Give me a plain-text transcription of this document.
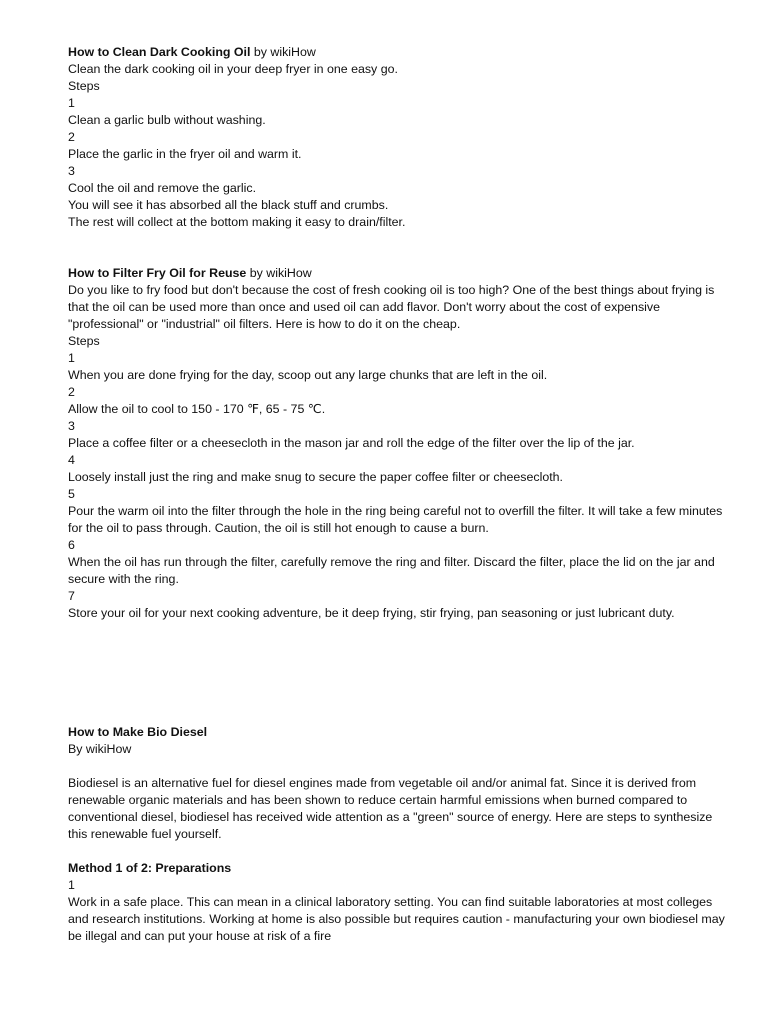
How to Clean Dark Cooking Oil by wikiHow

Clean the dark cooking oil in your deep fryer in one easy go.

Steps

1

Clean a garlic bulb without washing.

2

Place the garlic in the fryer oil and warm it.

3

Cool the oil and remove the garlic.

You will see it has absorbed all the black stuff and crumbs.

The rest will collect at the bottom making it easy to drain/filter.

How to Filter Fry Oil for Reuse by wikiHow

Do you like to fry food but don't because the cost of fresh cooking oil is too high? One of the best things about frying is that the oil can be used more than once and used oil can add flavor. Don't worry about the cost of expensive "professional" or "industrial" oil filters. Here is how to do it on the cheap.

Steps

1

When you are done frying for the day, scoop out any large chunks that are left in the oil.

2

Allow the oil to cool to 150 - 170 ℉, 65 - 75 ℃.

3

Place a coffee filter or a cheesecloth in the mason jar and roll the edge of the filter over the lip of the jar.

4

Loosely install just the ring and make snug to secure the paper coffee filter or cheesecloth.

5

Pour the warm oil into the filter through the hole in the ring being careful not to overfill the filter. It will take a few minutes for the oil to pass through. Caution, the oil is still hot enough to cause a burn.

6

When the oil has run through the filter, carefully remove the ring and filter. Discard the filter, place the lid on the jar and secure with the ring.

7

Store your oil for your next cooking adventure, be it deep frying, stir frying, pan seasoning or just lubricant duty.

How to Make Bio Diesel

By wikiHow

Biodiesel is an alternative fuel for diesel engines made from vegetable oil and/or animal fat. Since it is derived from renewable organic materials and has been shown to reduce certain harmful emissions when burned compared to conventional diesel, biodiesel has received wide attention as a "green" source of energy. Here are steps to synthesize this renewable fuel yourself.

Method 1 of 2: Preparations

1

Work in a safe place. This can mean in a clinical laboratory setting. You can find suitable laboratories at most colleges and research institutions. Working at home is also possible but requires caution - manufacturing your own biodiesel may be illegal and can put your house at risk of a fire
